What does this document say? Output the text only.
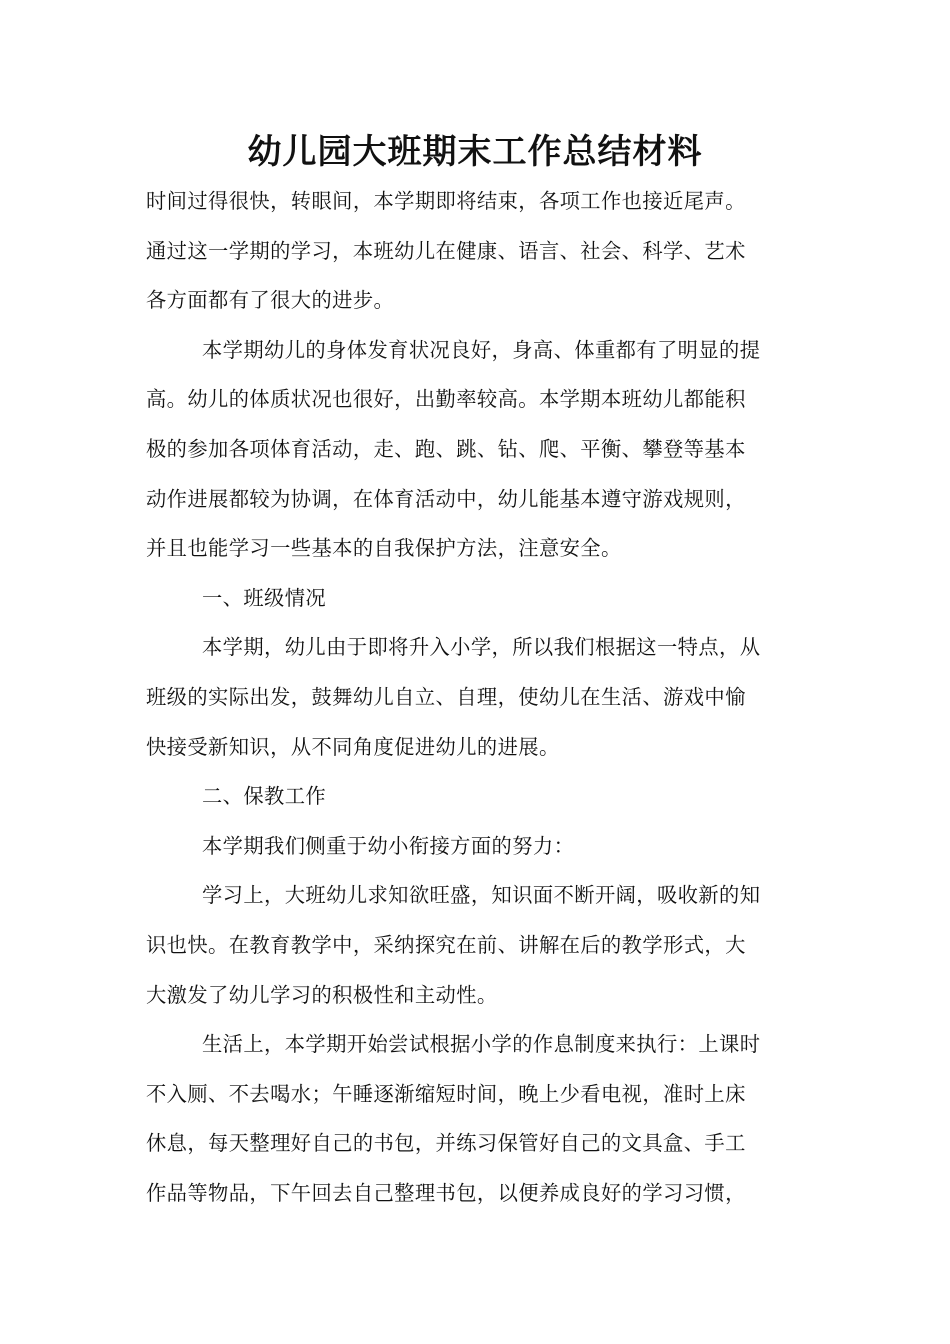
幼儿园大班期末工作总结材料
时间过得很快，转眼间，本学期即将结束，各项工作也接近尾声。
通过这一学期的学习，本班幼儿在健康、语言、社会、科学、艺术
各方面都有了很大的进步。
本学期幼儿的身体发育状况良好，身高、体重都有了明显的提
高。幼儿的体质状况也很好，出勤率较高。本学期本班幼儿都能积
极的参加各项体育活动，走、跑、跳、钻、爬、平衡、攀登等基本
动作进展都较为协调，在体育活动中，幼儿能基本遵守游戏规则，
并且也能学习一些基本的自我保护方法，注意安全。
一、班级情况
本学期，幼儿由于即将升入小学，所以我们根据这一特点，从
班级的实际出发，鼓舞幼儿自立、自理，使幼儿在生活、游戏中愉
快接受新知识，从不同角度促进幼儿的进展。
二、保教工作
本学期我们侧重于幼小衔接方面的努力：
学习上，大班幼儿求知欲旺盛，知识面不断开阔，吸收新的知
识也快。在教育教学中，采纳探究在前、讲解在后的教学形式，大
大激发了幼儿学习的积极性和主动性。
生活上，本学期开始尝试根据小学的作息制度来执行：上课时
不入厕、不去喝水；午睡逐渐缩短时间，晚上少看电视，准时上床
休息，每天整理好自己的书包，并练习保管好自己的文具盒、手工
作品等物品，下午回去自己整理书包，以便养成良好的学习习惯，
